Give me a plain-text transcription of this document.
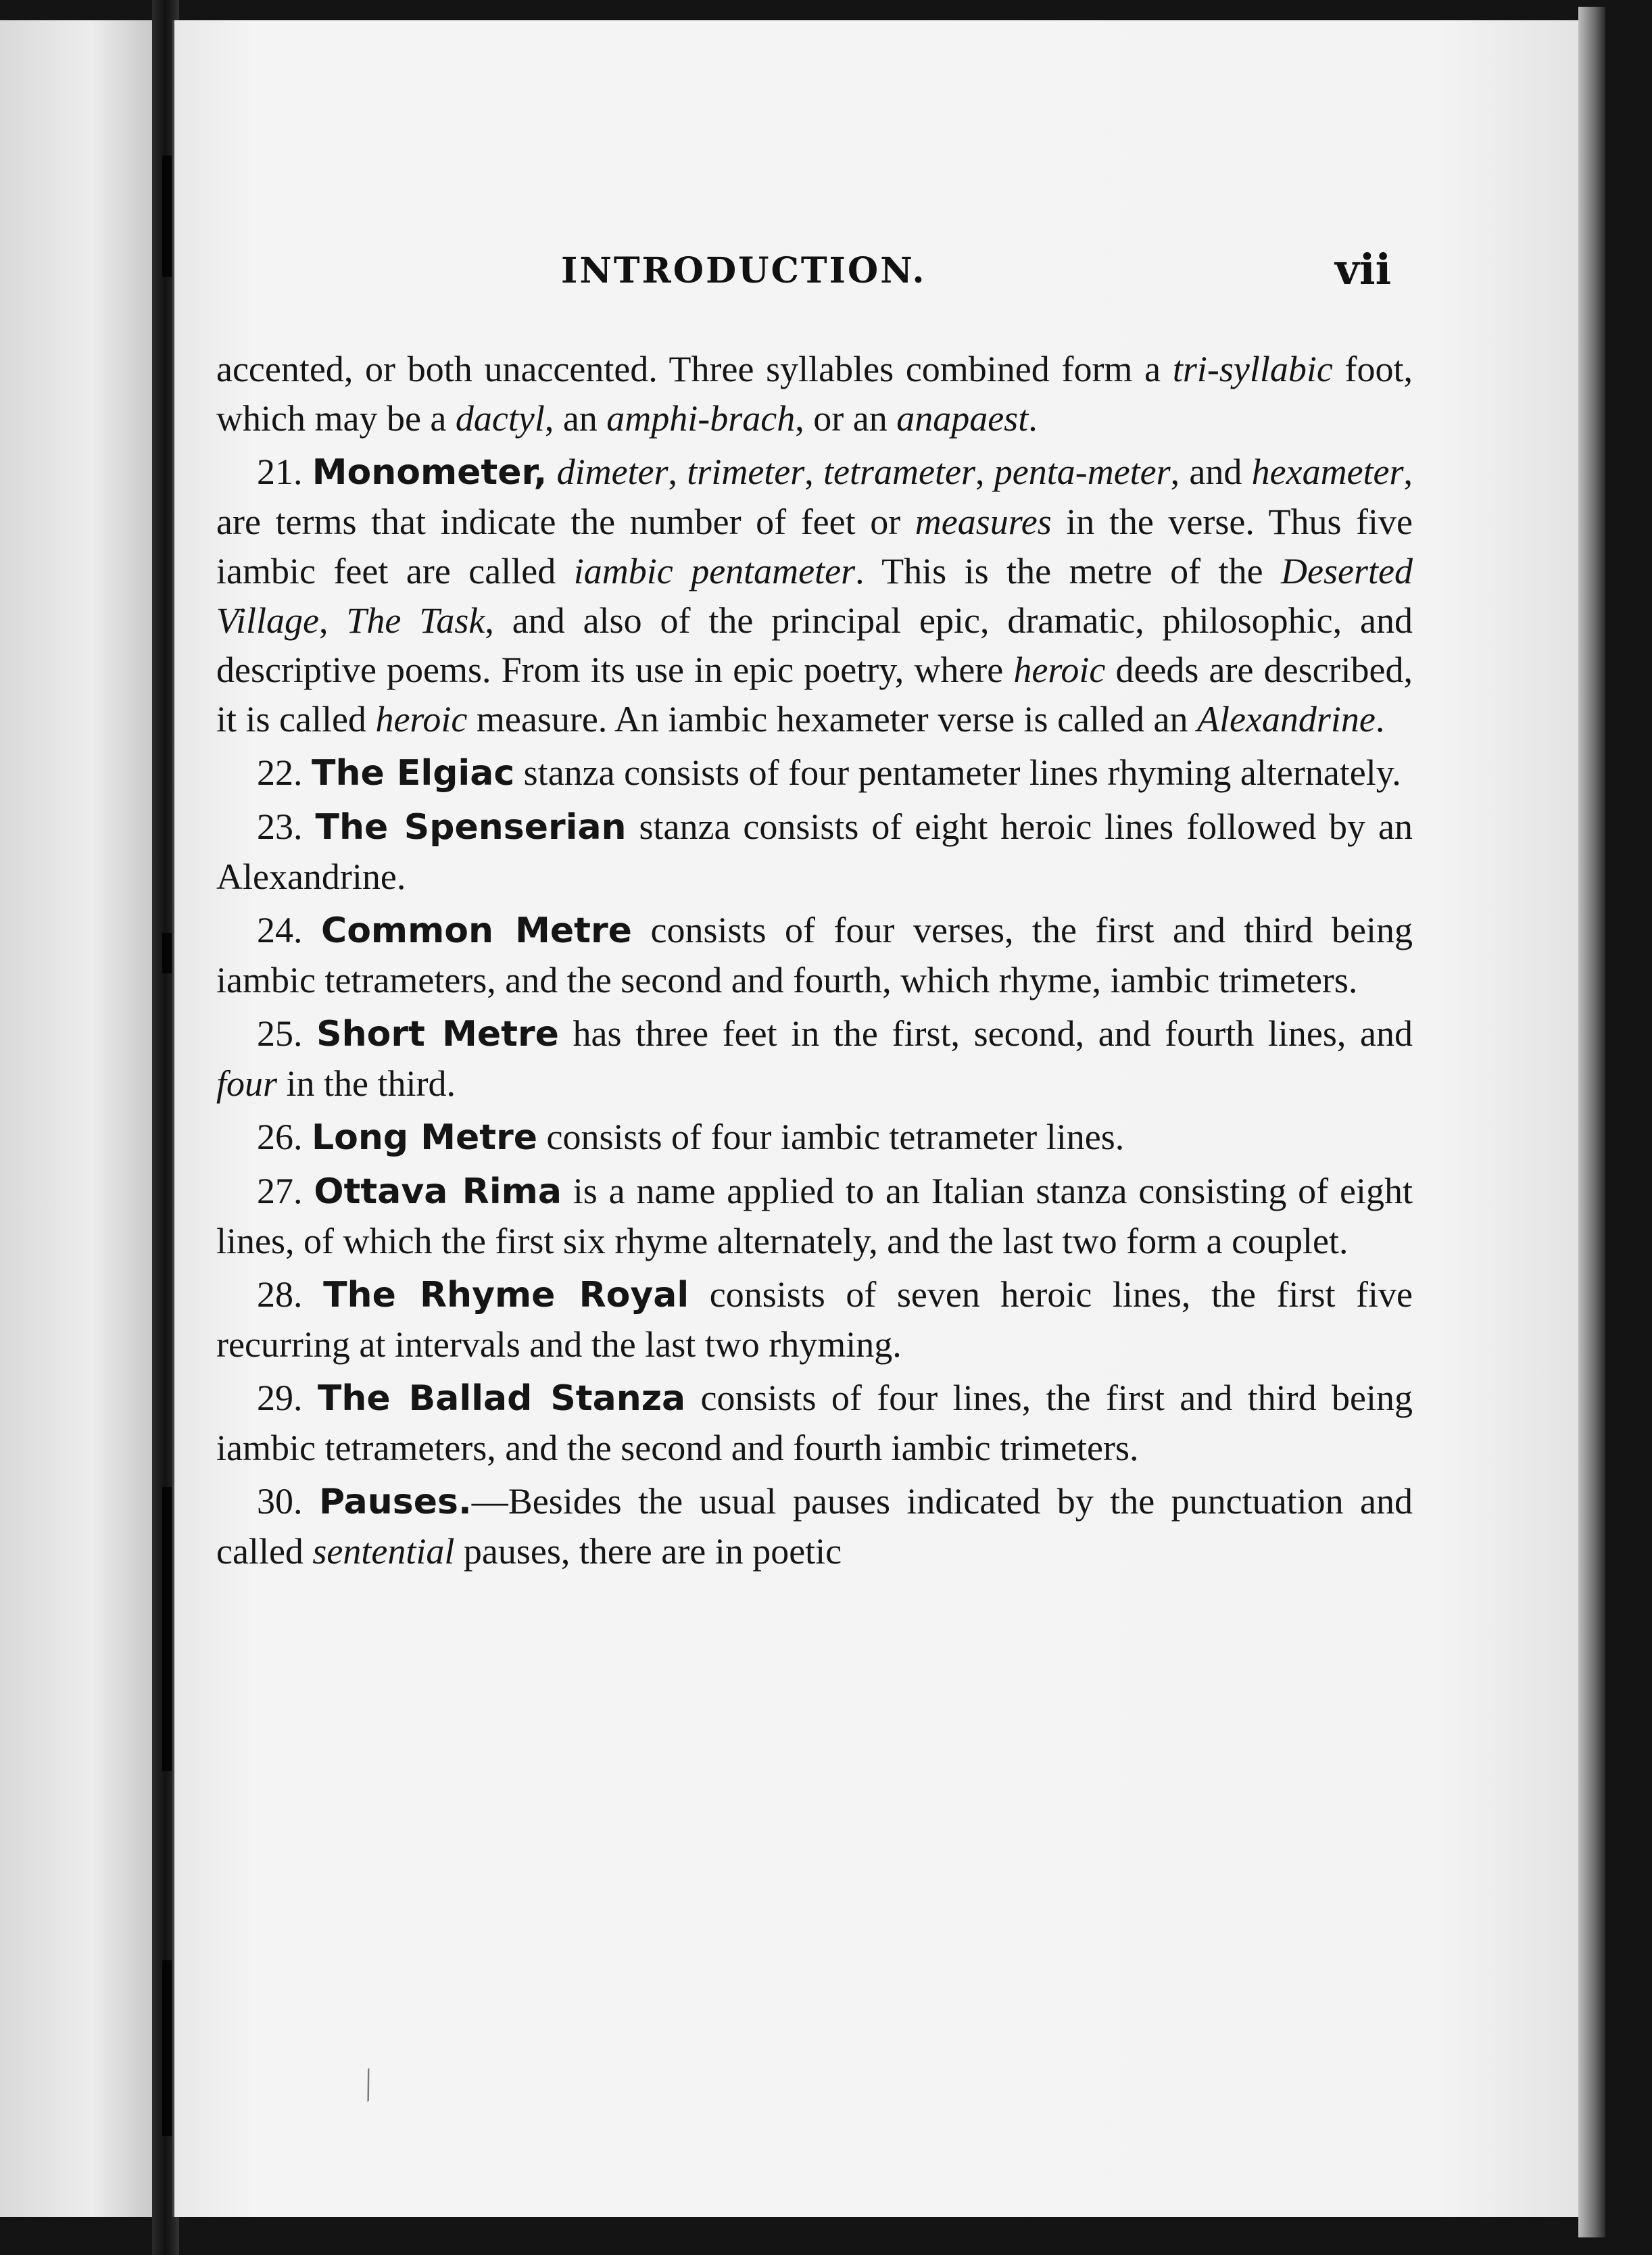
INTRODUCTION.	vii

accented, or both unaccented. Three syllables combined form a tri-syllabic foot, which may be a dactyl, an amphi-brach, or an anapaest.

21. Monometer, dimeter, trimeter, tetrameter, penta-meter, and hexameter, are terms that indicate the number of feet or measures in the verse. Thus five iambic feet are called iambic pentameter. This is the metre of the Deserted Village, The Task, and also of the principal epic, dramatic, philosophic, and descriptive poems. From its use in epic poetry, where heroic deeds are described, it is called heroic measure. An iambic hexameter verse is called an Alexandrine.

22. The Elgiac stanza consists of four pentameter lines rhyming alternately.

23. The Spenserian stanza consists of eight heroic lines followed by an Alexandrine.

24. Common Metre consists of four verses, the first and third being iambic tetrameters, and the second and fourth, which rhyme, iambic trimeters.

25. Short Metre has three feet in the first, second, and fourth lines, and four in the third.

26. Long Metre consists of four iambic tetrameter lines.

27. Ottava Rima is a name applied to an Italian stanza consisting of eight lines, of which the first six rhyme alternately, and the last two form a couplet.

28. The Rhyme Royal consists of seven heroic lines, the first five recurring at intervals and the last two rhyming.

29. The Ballad Stanza consists of four lines, the first and third being iambic tetrameters, and the second and fourth iambic trimeters.

30. Pauses.—Besides the usual pauses indicated by the punctuation and called sentential pauses, there are in poetic

⁄
